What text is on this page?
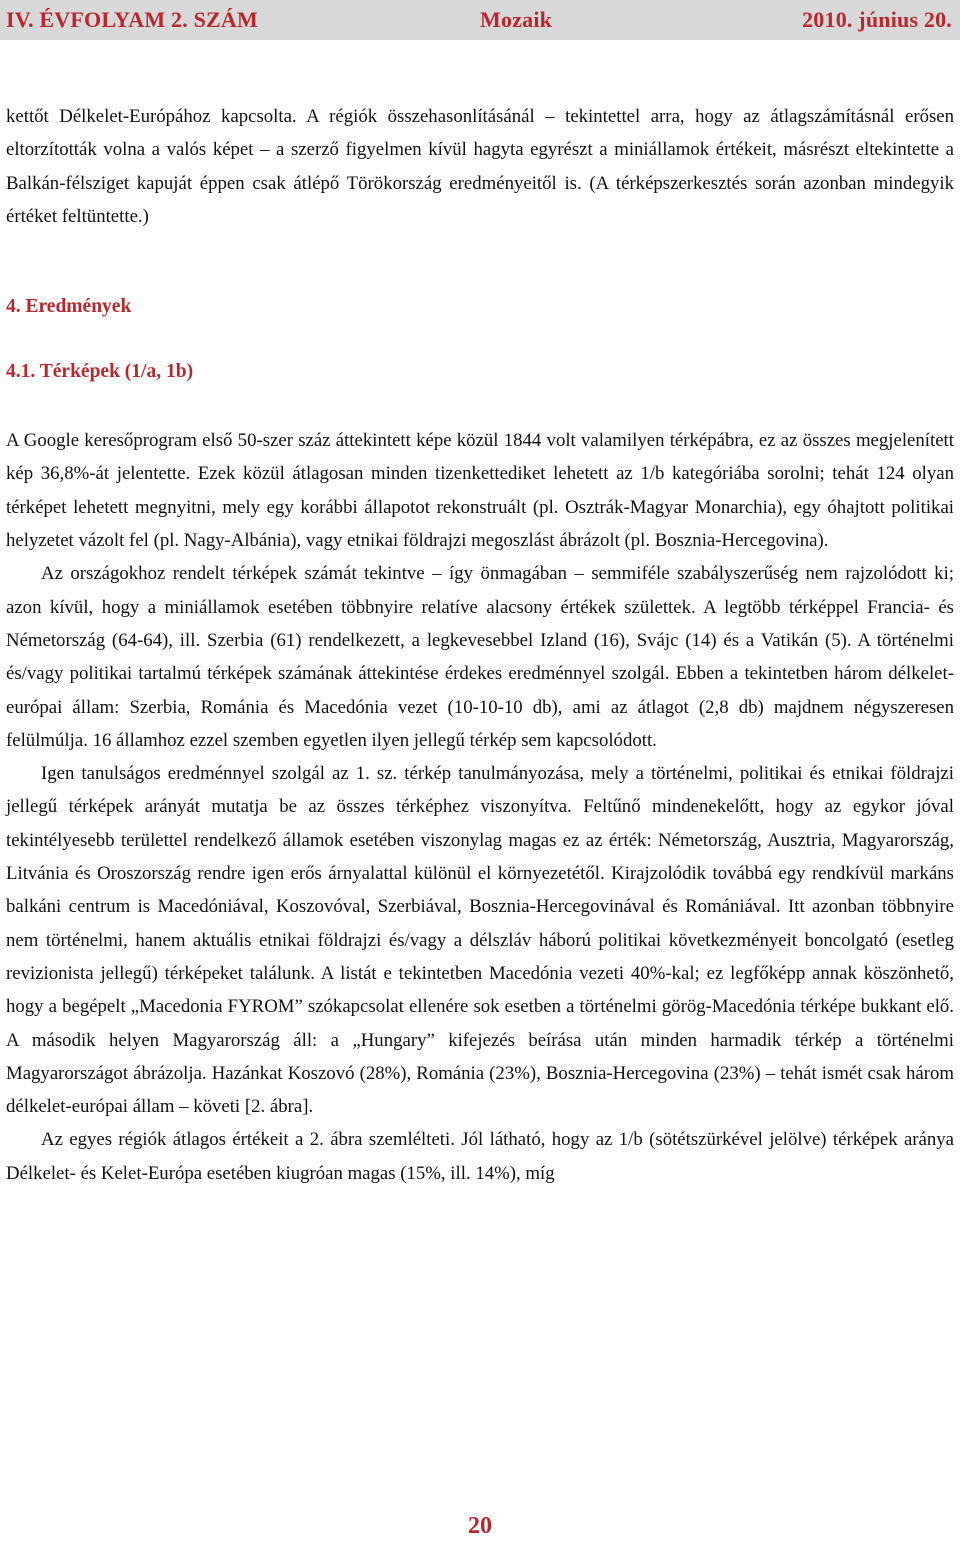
IV. ÉVFOLYAM 2. SZÁM	Mozaik	2010. június 20.

kettőt Délkelet-Európához kapcsolta. A régiók összehasonlításánál – tekintettel arra, hogy az átlagszámításnál erősen eltorzították volna a valós képet – a szerző figyelmen kívül hagyta egyrészt a miniállamok értékeit, másrészt eltekintette a Balkán-félsziget kapuját éppen csak átlépő Törökország eredményeitől is. (A térképszerkesztés során azonban mindegyik értéket feltüntette.)

4. Eredmények
4.1. Térképek (1/a, 1b)

A Google keresőprogram első 50-szer száz áttekintett képe közül 1844 volt valamilyen térképábra, ez az összes megjelenített kép 36,8%-át jelentette. Ezek közül átlagosan minden tizenkettediket lehetett az 1/b kategóriába sorolni; tehát 124 olyan térképet lehetett megnyitni, mely egy korábbi állapotot rekonstruált (pl. Osztrák-Magyar Monarchia), egy óhajtott politikai helyzetet vázolt fel (pl. Nagy-Albánia), vagy etnikai földrajzi megoszlást ábrázolt (pl. Bosznia-Hercegovina).

Az országokhoz rendelt térképek számát tekintve – így önmagában – semmiféle szabályszerűség nem rajzolódott ki; azon kívül, hogy a miniállamok esetében többnyire relatíve alacsony értékek születtek. A legtöbb térképpel Francia- és Németország (64-64), ill. Szerbia (61) rendelkezett, a legkevesebbel Izland (16), Svájc (14) és a Vatikán (5). A történelmi és/vagy politikai tartalmú térképek számának áttekintése érdekes eredménnyel szolgál. Ebben a tekintetben három délkelet-európai állam: Szerbia, Románia és Macedónia vezet (10-10-10 db), ami az átlagot (2,8 db) majdnem négyszeresen felülmúlja. 16 államhoz ezzel szemben egyetlen ilyen jellegű térkép sem kapcsolódott.

Igen tanulságos eredménnyel szolgál az 1. sz. térkép tanulmányozása, mely a történelmi, politikai és etnikai földrajzi jellegű térképek arányát mutatja be az összes térképhez viszonyítva. Feltűnő mindenekelőtt, hogy az egykor jóval tekintélyesebb területtel rendelkező államok esetében viszonylag magas ez az érték: Németország, Ausztria, Magyarország, Litvánia és Oroszország rendre igen erős árnyalattal különül el környezetétől. Kirajzolódik továbbá egy rendkívül markáns balkáni centrum is Macedóniával, Koszovóval, Szerbiával, Bosznia-Hercegovinával és Romániával. Itt azonban többnyire nem történelmi, hanem aktuális etnikai földrajzi és/vagy a délszláv háború politikai következményeit boncolgató (esetleg revizionista jellegű) térképeket találunk. A listát e tekintetben Macedónia vezeti 40%-kal; ez legfőképp annak köszönhető, hogy a begépelt „Macedonia FYROM” szókapcsolat ellenére sok esetben a történelmi görög-Macedónia térképe bukkant elő. A második helyen Magyarország áll: a „Hungary” kifejezés beírása után minden harmadik térkép a történelmi Magyarországot ábrázolja. Hazánkat Koszovó (28%), Románia (23%), Bosznia-Hercegovina (23%) – tehát ismét csak három délkelet-európai állam – követi [2. ábra].

Az egyes régiók átlagos értékeit a 2. ábra szemlélteti. Jól látható, hogy az 1/b (sötétszürkével jelölve) térképek aránya Délkelet- és Kelet-Európa esetében kiugróan magas (15%, ill. 14%), míg

20
